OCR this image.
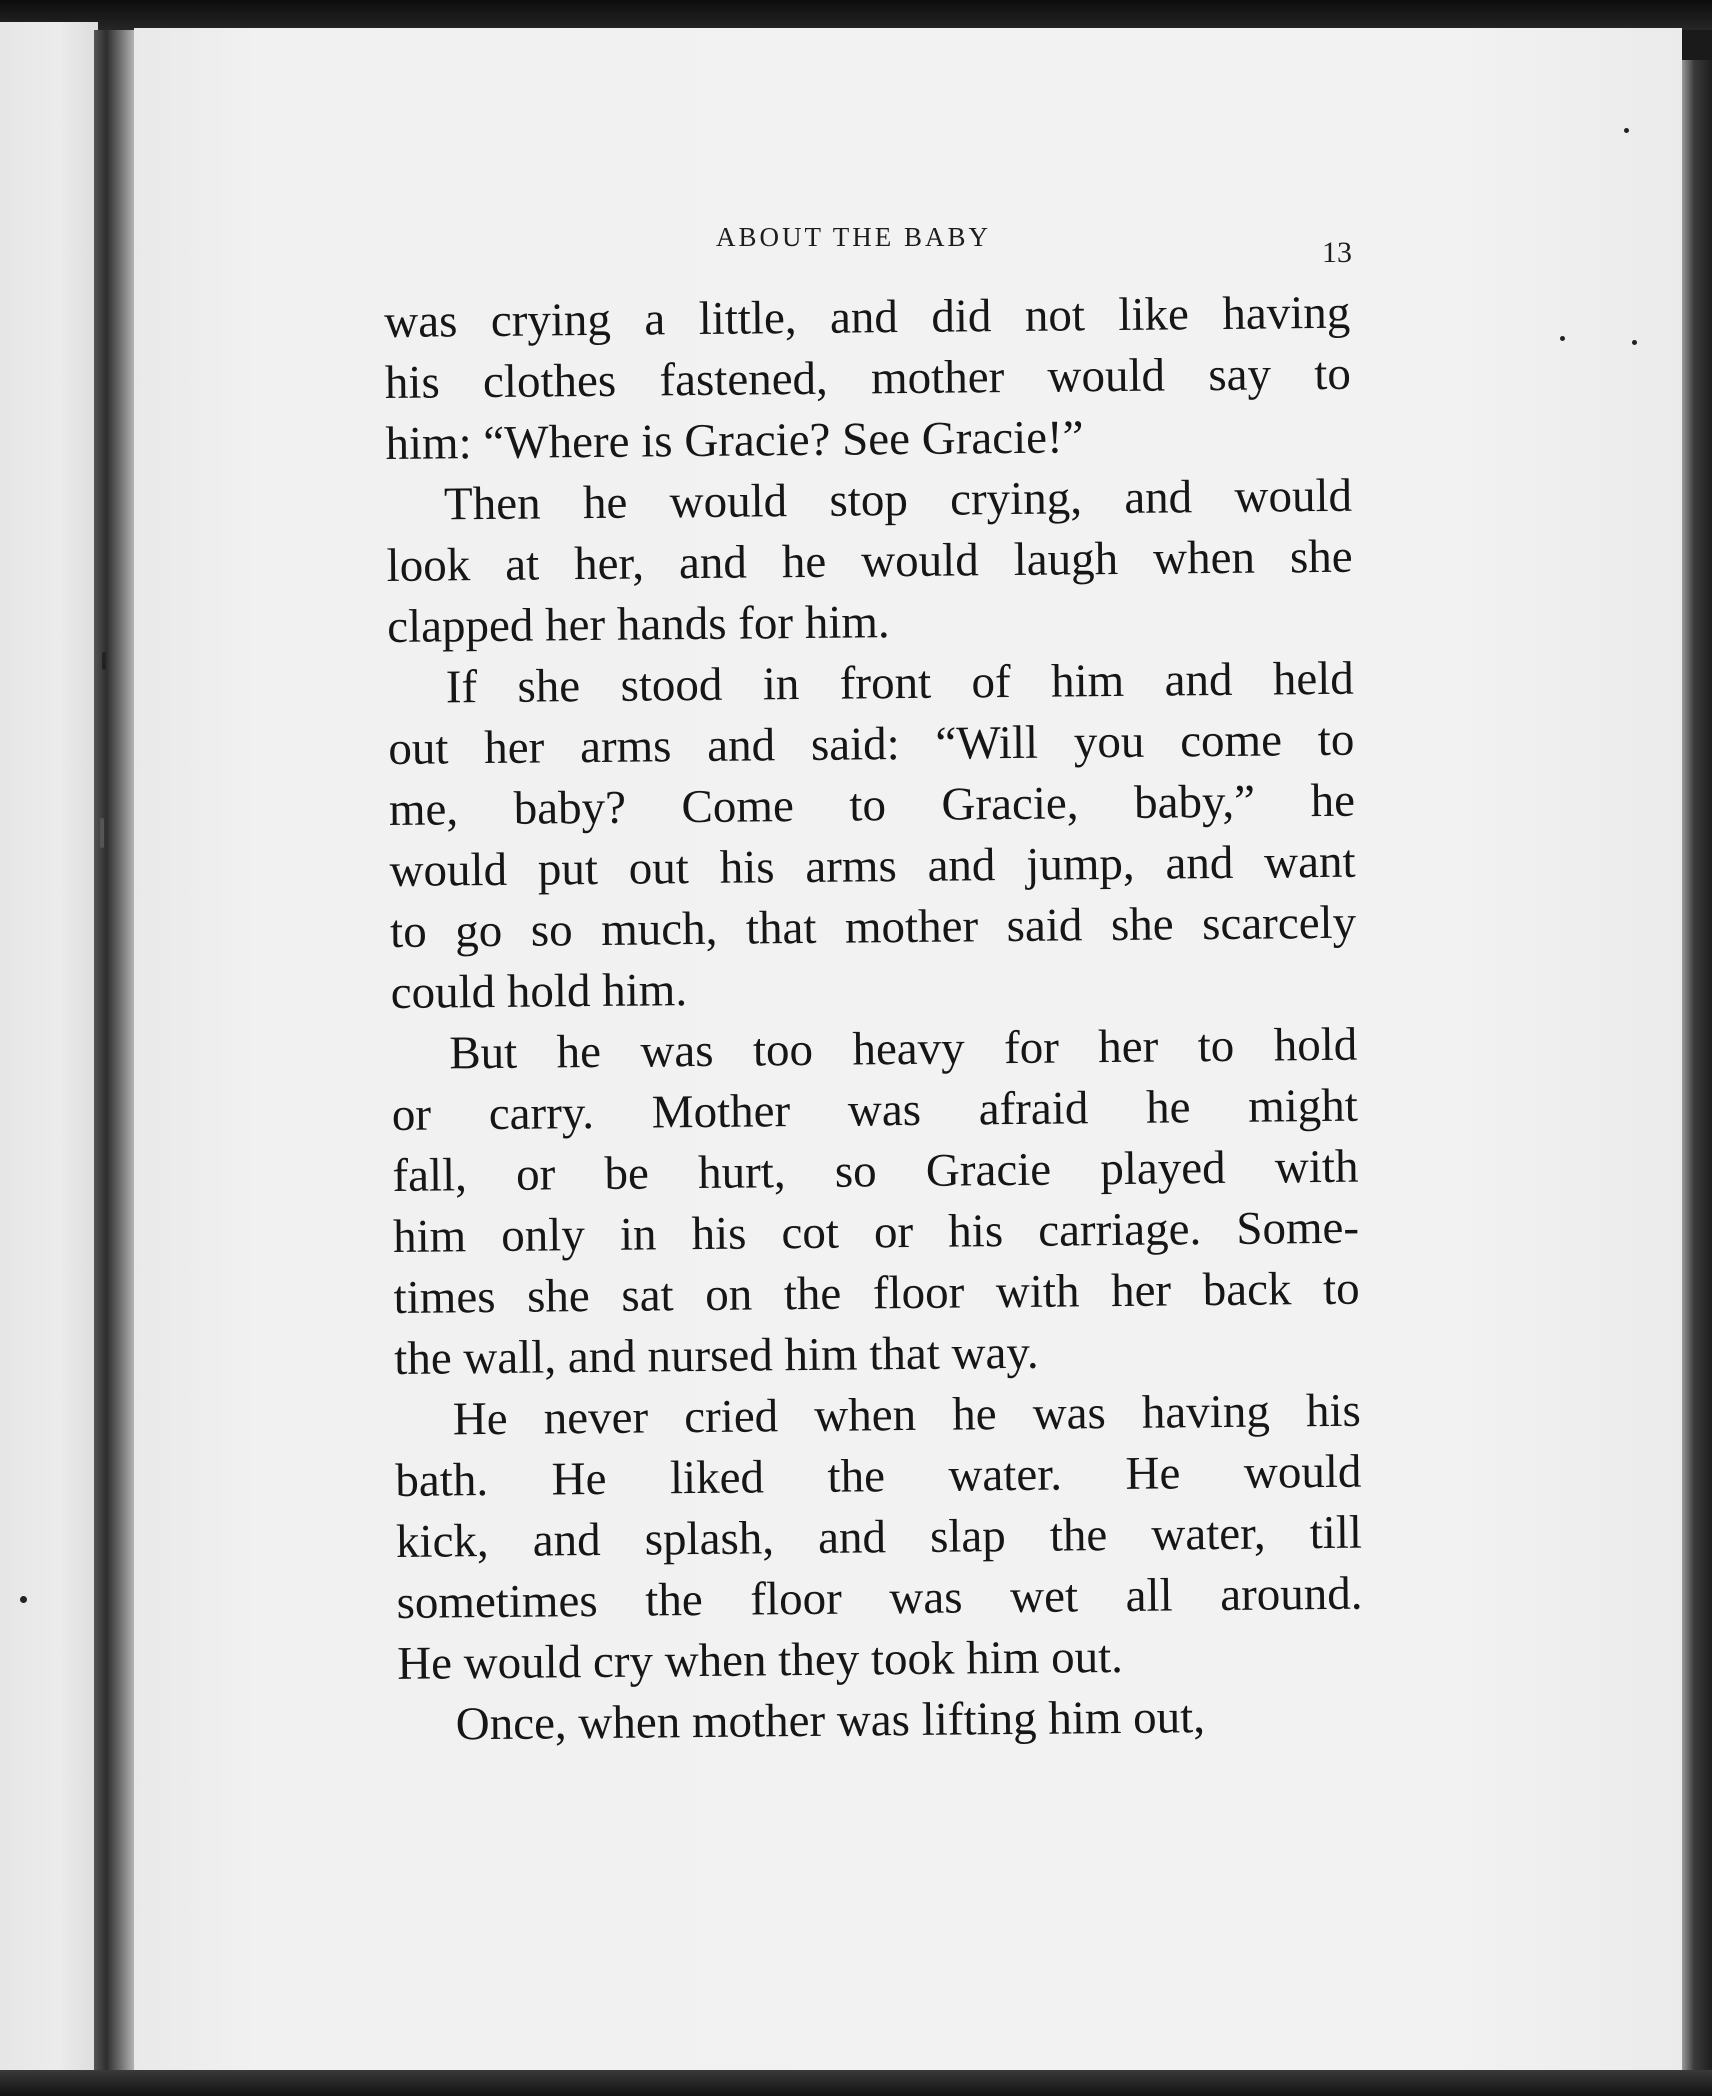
ABOUT THE BABY	13
was crying a little, and did not like having
his clothes fastened, mother would say to
him: “Where is Gracie? See Gracie!”
Then he would stop crying, and would
look at her, and he would laugh when she
clapped her hands for him.
If she stood in front of him and held
out her arms and said: “Will you come to
me, baby? Come to Gracie, baby,” he
would put out his arms and jump, and want
to go so much, that mother said she scarcely
could hold him.
But he was too heavy for her to hold
or carry. Mother was afraid he might
fall, or be hurt, so Gracie played with
him only in his cot or his carriage. Some-
times she sat on the floor with her back to
the wall, and nursed him that way.
He never cried when he was having his
bath. He liked the water. He would
kick, and splash, and slap the water, till
sometimes the floor was wet all around.
He would cry when they took him out.
Once, when mother was lifting him out,
